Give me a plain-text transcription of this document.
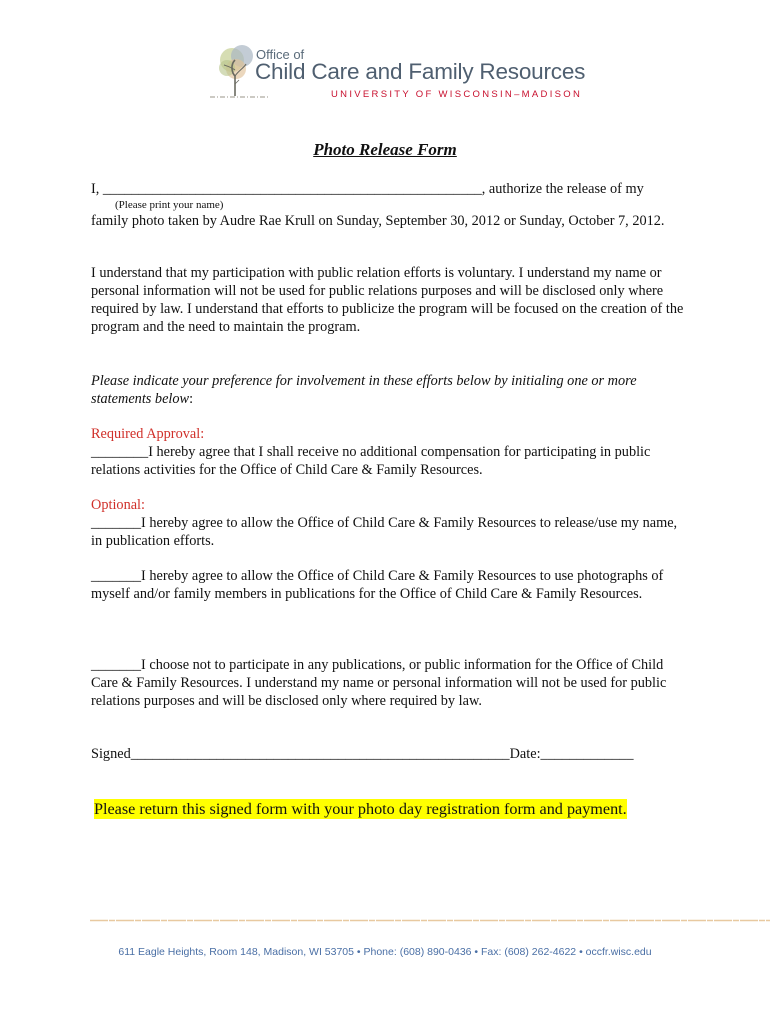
Office of
Child Care and Family Resources
UNIVERSITY OF WISCONSIN–MADISON
Photo Release Form
I, _____________________________________________________, authorize the release of my
(Please print your name)
family photo taken by Audre Rae Krull on Sunday, September 30, 2012 or Sunday, October 7, 2012.
I understand that my participation with public relation efforts is voluntary. I understand my name or personal information will not be used for public relations purposes and will be disclosed only where required by law. I understand that efforts to publicize the program will be focused on the creation of the program and the need to maintain the program.
Please indicate your preference for involvement in these efforts below by initialing one or more statements below:
Required Approval:
________I hereby agree that I shall receive no additional compensation for participating in public relations activities for the Office of Child Care & Family Resources.
Optional:
_______I hereby agree to allow the Office of Child Care & Family Resources to release/use my name, in publication efforts.
_______I hereby agree to allow the Office of Child Care & Family Resources to use photographs of myself and/or family members in publications for the Office of Child Care & Family Resources.
_______I choose not to participate in any publications, or public information for the Office of Child Care & Family Resources. I understand my name or personal information will not be used for public relations purposes and will be disclosed only where required by law.
Signed_____________________________________________________Date:_____________
Please return this signed form with your photo day registration form and payment.
611 Eagle Heights, Room 148, Madison, WI 53705 • Phone: (608) 890-0436 • Fax: (608) 262-4622 • occfr.wisc.edu
